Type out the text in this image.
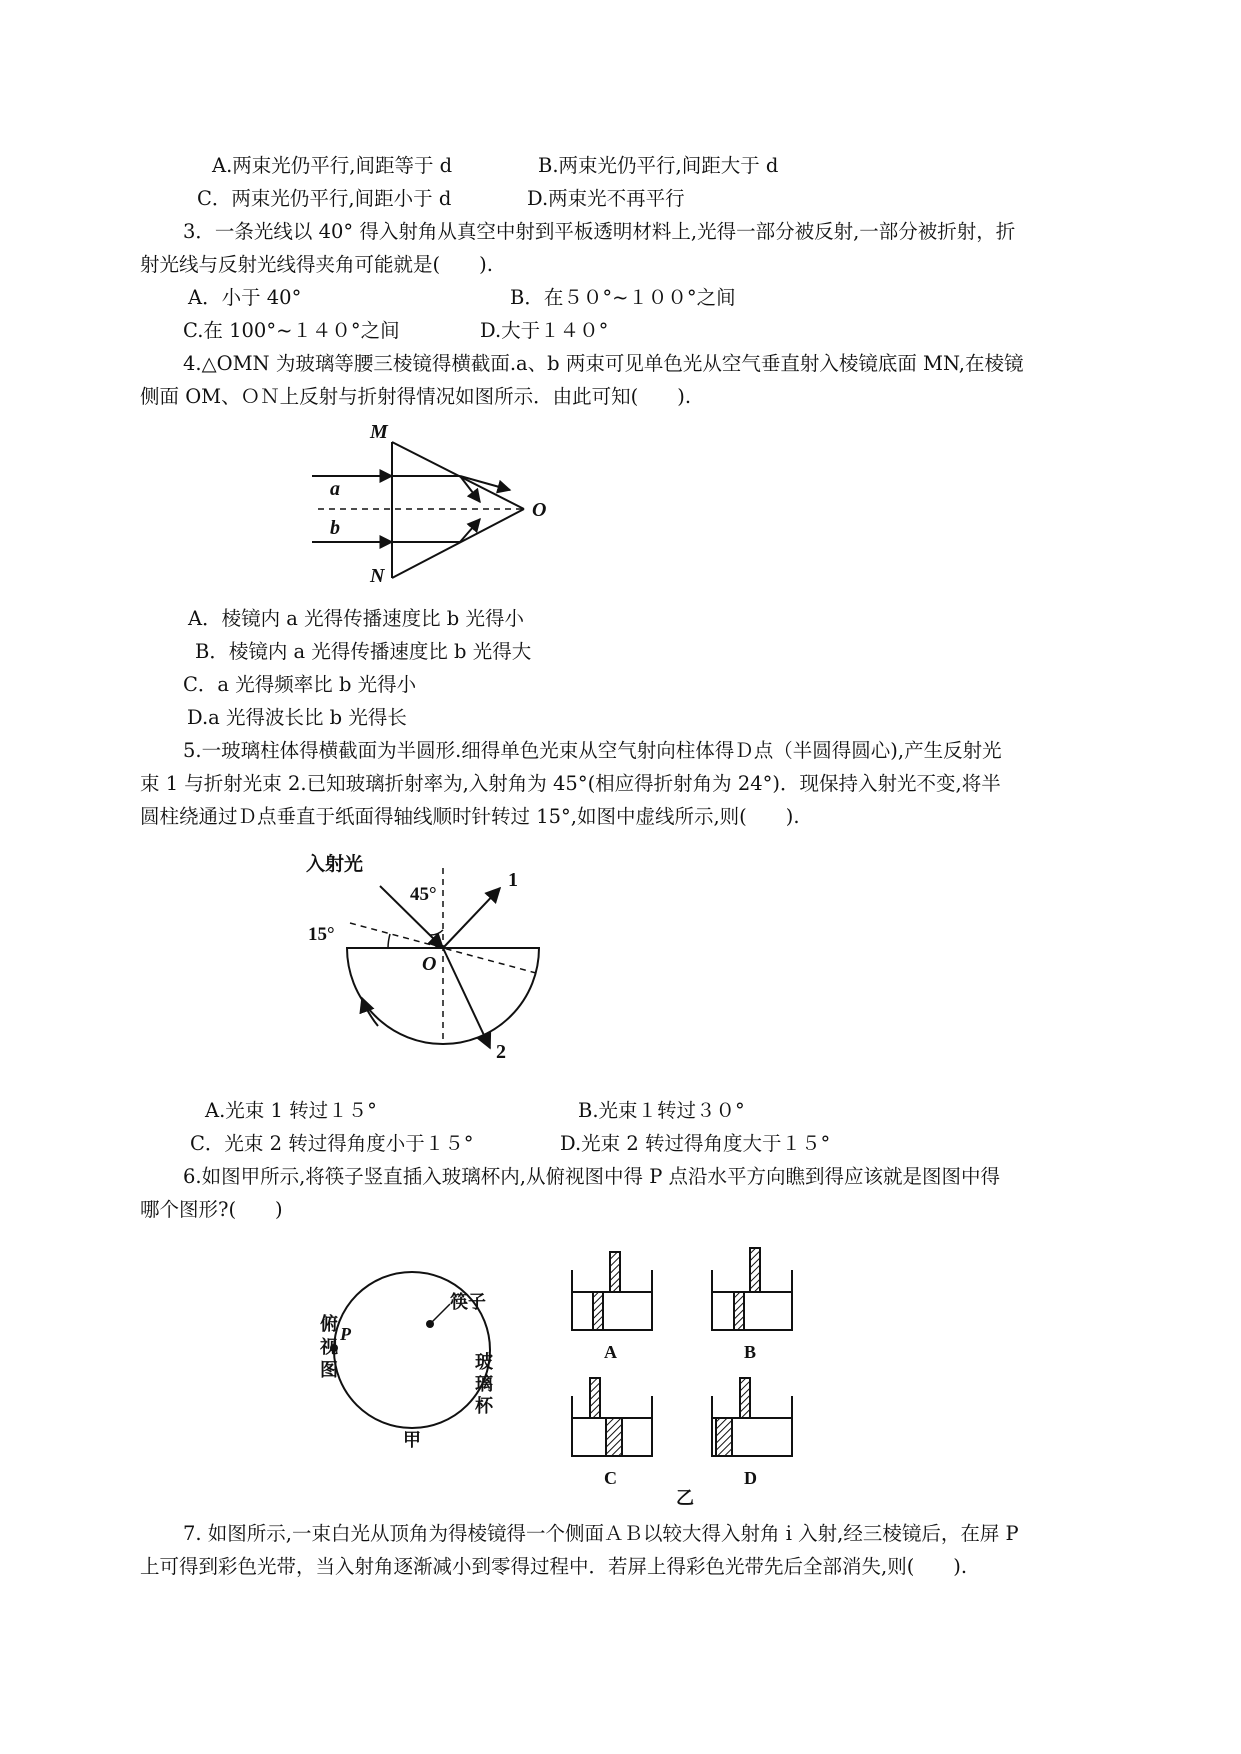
A.两束光仍平行,间距等于 d	B.两束光仍平行,间距大于 d
C．两束光仍平行,间距小于 d	D.两束光不再平行
3．一条光线以 40° 得入射角从真空中射到平板透明材料上,光得一部分被反射,一部分被折射，折
射光线与反射光线得夹角可能就是(　　).
A．小于 40°	B．在５０°~１００°之间
C.在 100°~１４０°之间	D.大于１４０°
4.△OMN 为玻璃等腰三棱镜得横截面.a、b 两束可见单色光从空气垂直射入棱镜底面 MN,在棱镜
侧面 OM、ＯＮ上反射与折射得情况如图所示．由此可知(　　).
M
N
O
a
b
A．棱镜内 a 光得传播速度比 b 光得小
B．棱镜内 a 光得传播速度比 b 光得大
C．a 光得频率比 b 光得小
D.a 光得波长比 b 光得长
5.一玻璃柱体得横截面为半圆形.细得单色光束从空气射向柱体得Ｄ点（半圆得圆心),产生反射光
束 1 与折射光束 2.已知玻璃折射率为,入射角为 45°(相应得折射角为 24°)．现保持入射光不变,将半
圆柱绕通过Ｄ点垂直于纸面得轴线顺时针转过 15°,如图中虚线所示,则(　　).
入射光
45°
15°
O
1
2
A.光束 1 转过１５°	B.光束１转过３０°
C．光束 2 转过得角度小于１５°	D.光束 2 转过得角度大于１５°
6.如图甲所示,将筷子竖直插入玻璃杯内,从俯视图中得 P 点沿水平方向瞧到得应该就是图图中得
哪个图形?(　　)
俯
视
图
P
筷子
玻
璃
杯
甲
A	B
C	D
乙
7. 如图所示,一束白光从顶角为得棱镜得一个侧面ＡＢ以较大得入射角 i 入射,经三棱镜后，在屏 P
上可得到彩色光带，当入射角逐渐减小到零得过程中．若屏上得彩色光带先后全部消失,则(　　).
